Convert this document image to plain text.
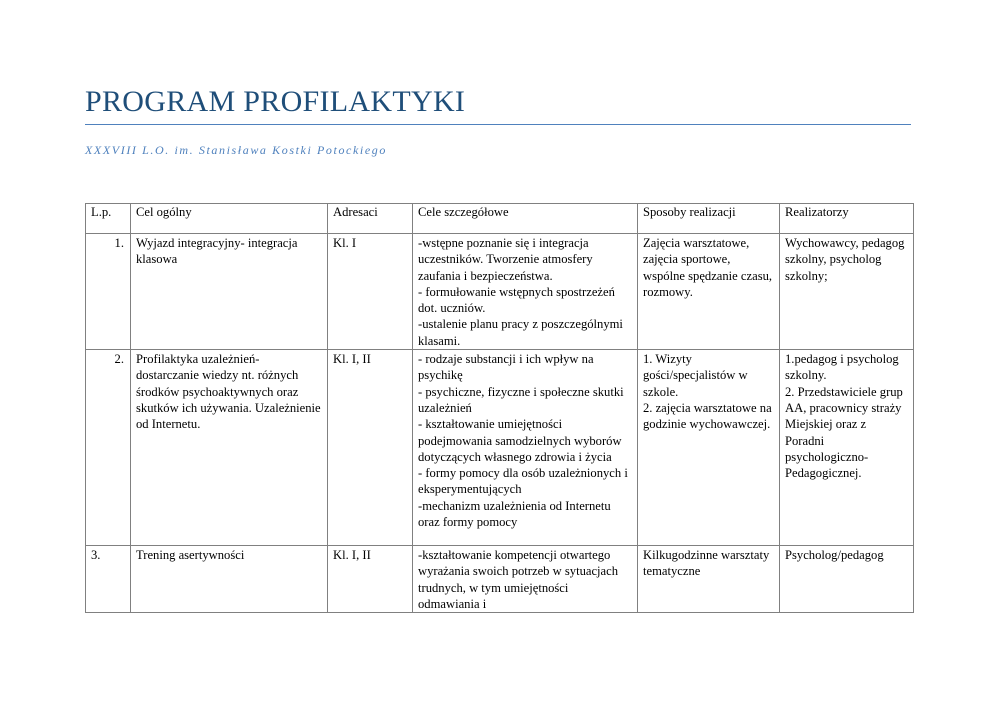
PROGRAM PROFILAKTYKI
XXXVIII L.O. im. Stanisława Kostki Potockiego
L.p.	Cel ogólny	Adresaci	Cele szczegółowe	Sposoby realizacji	Realizatorzy
1.	Wyjazd integracyjny- integracja klasowa	Kl. I	-wstępne poznanie się i integracja uczestników. Tworzenie atmosfery zaufania i bezpieczeństwa.
- formułowanie wstępnych spostrzeżeń dot. uczniów.
-ustalenie planu pracy z poszczególnymi klasami.	Zajęcia warsztatowe, zajęcia sportowe, wspólne spędzanie czasu, rozmowy.	Wychowawcy, pedagog szkolny, psycholog szkolny;
2.	Profilaktyka uzależnień- dostarczanie wiedzy nt. różnych środków psychoaktywnych oraz skutków ich używania. Uzależnienie od Internetu.	Kl. I, II	- rodzaje substancji i ich wpływ na psychikę
- psychiczne, fizyczne i społeczne skutki uzależnień
- kształtowanie umiejętności podejmowania samodzielnych wyborów dotyczących własnego zdrowia i życia
- formy pomocy dla osób uzależnionych i eksperymentujących
-mechanizm uzależnienia od Internetu oraz formy pomocy	1. Wizyty gości/specjalistów w szkole.
2. zajęcia warsztatowe na godzinie wychowawczej.	1.pedagog i psycholog szkolny.
2. Przedstawiciele grup AA, pracownicy straży Miejskiej oraz z Poradni psychologiczno-Pedagogicznej.
3.	Trening asertywności	Kl. I, II	-kształtowanie kompetencji otwartego wyrażania swoich potrzeb w sytuacjach trudnych, w tym umiejętności odmawiania i	Kilkugodzinne warsztaty tematyczne	Psycholog/pedagog
